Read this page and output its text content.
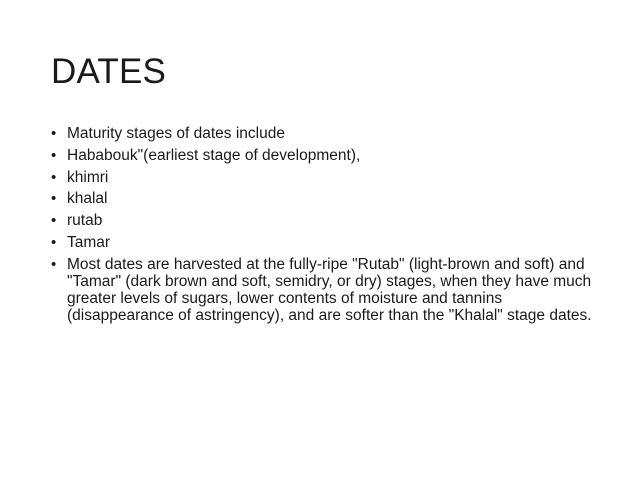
DATES
• Maturity stages of dates include
• Hababouk"(earliest stage of development),
• khimri
• khalal
• rutab
• Tamar
• Most dates are harvested at the fully-ripe "Rutab" (light-brown and soft) and "Tamar" (dark brown and soft, semidry, or dry) stages, when they have much greater levels of sugars, lower contents of moisture and tannins (disappearance of astringency), and are softer than the "Khalal" stage dates.
